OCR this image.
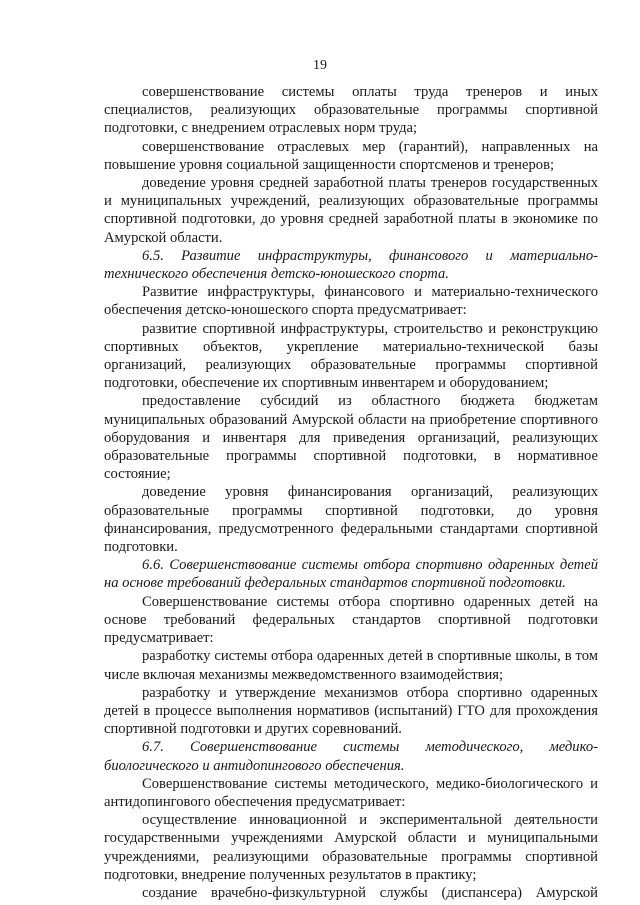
19

совершенствование системы оплаты труда тренеров и иных специалистов, реализующих образовательные программы спортивной подготовки, с внедрением отраслевых норм труда;

совершенствование отраслевых мер (гарантий), направленных на повышение уровня социальной защищенности спортсменов и тренеров;

доведение уровня средней заработной платы тренеров государственных и муниципальных учреждений, реализующих образовательные программы спортивной подготовки, до уровня средней заработной платы в экономике по Амурской области.

6.5. Развитие инфраструктуры, финансового и материально-технического обеспечения детско-юношеского спорта.

Развитие инфраструктуры, финансового и материально-технического обеспечения детско-юношеского спорта предусматривает:

развитие спортивной инфраструктуры, строительство и реконструкцию спортивных объектов, укрепление материально-технической базы организаций, реализующих образовательные программы спортивной подготовки, обеспечение их спортивным инвентарем и оборудованием;

предоставление субсидий из областного бюджета бюджетам муниципальных образований Амурской области на приобретение спортивного оборудования и инвентаря для приведения организаций, реализующих образовательные программы спортивной подготовки, в нормативное состояние;

доведение уровня финансирования организаций, реализующих образовательные программы спортивной подготовки, до уровня финансирования, предусмотренного федеральными стандартами спортивной подготовки.

6.6. Совершенствование системы отбора спортивно одаренных детей на основе требований федеральных стандартов спортивной подготовки.

Совершенствование системы отбора спортивно одаренных детей на основе требований федеральных стандартов спортивной подготовки предусматривает:

разработку системы отбора одаренных детей в спортивные школы, в том числе включая механизмы межведомственного взаимодействия;

разработку и утверждение механизмов отбора спортивно одаренных детей в процессе выполнения нормативов (испытаний) ГТО для прохождения спортивной подготовки и других соревнований.

6.7. Совершенствование системы методического, медико-биологического и антидопингового обеспечения.

Совершенствование системы методического, медико-биологического и антидопингового обеспечения предусматривает:

осуществление инновационной и экспериментальной деятельности государственными учреждениями Амурской области и муниципальными учреждениями, реализующими образовательные программы спортивной подготовки, внедрение полученных результатов в практику;

создание врачебно-физкультурной службы (диспансера) Амурской
